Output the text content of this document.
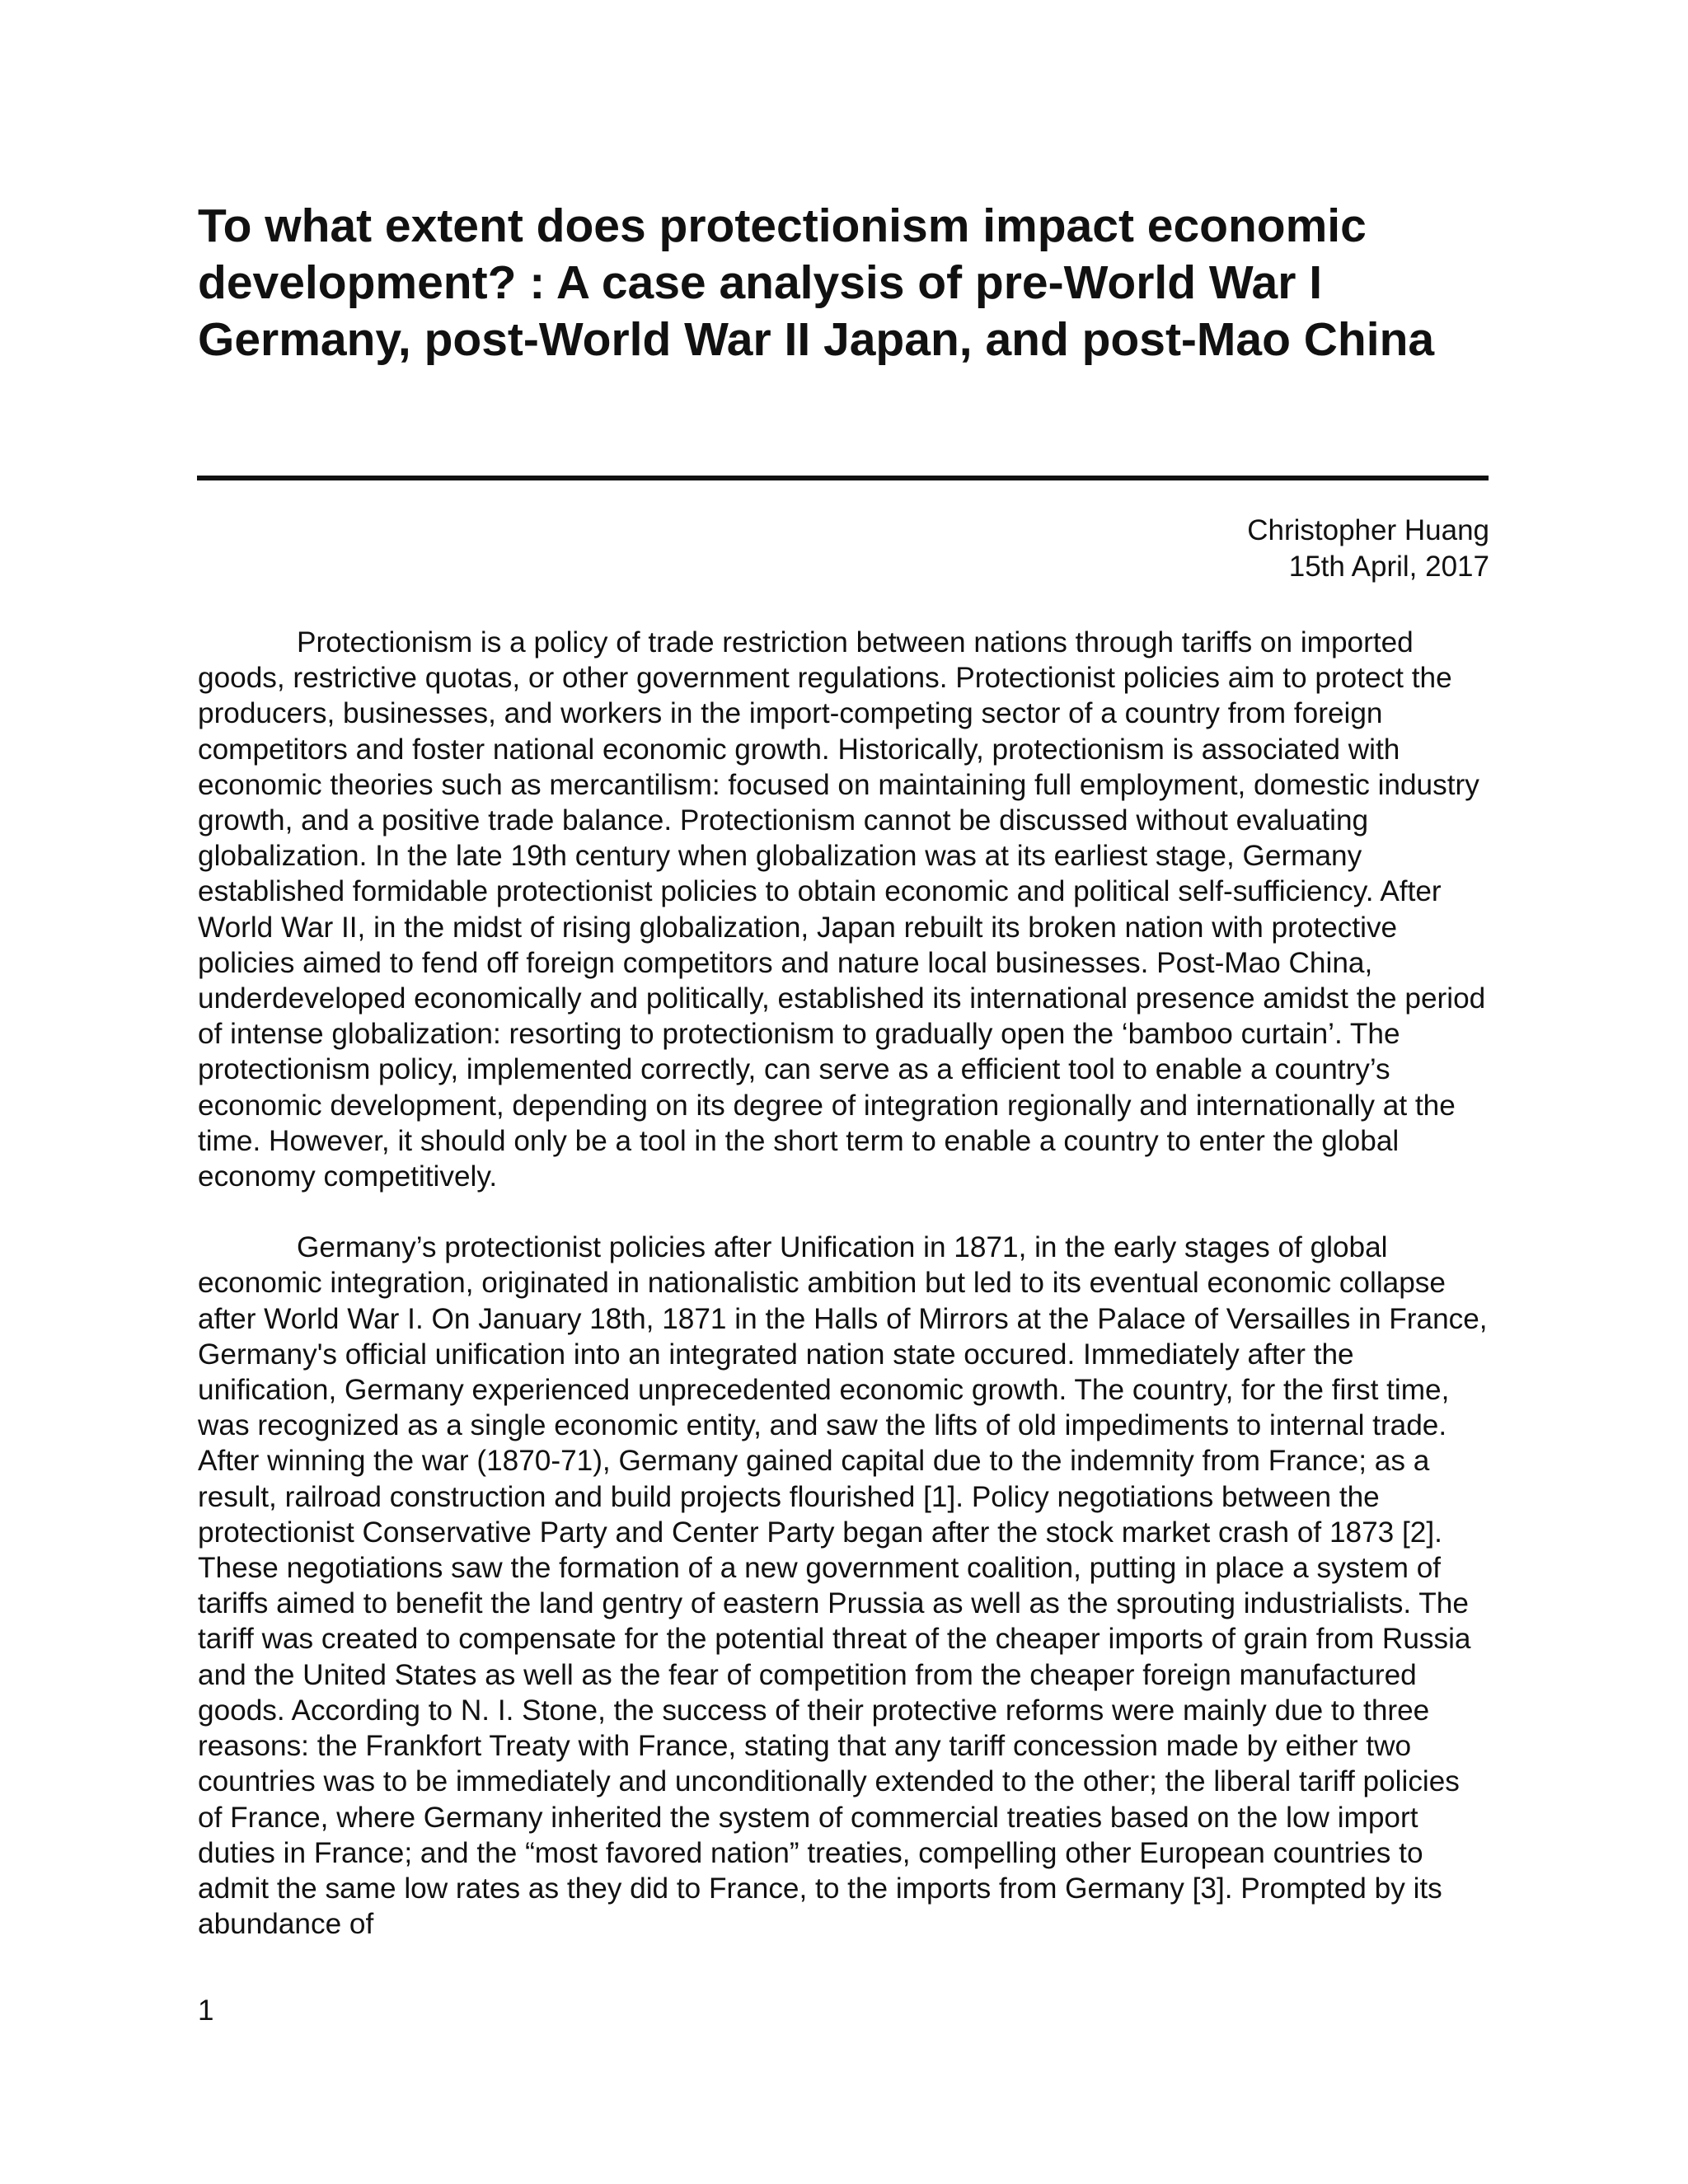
To what extent does protectionism impact economic development? : A case analysis of pre-World War I Germany, post-World War II Japan, and post-Mao China
Christopher Huang
15th April, 2017

Protectionism is a policy of trade restriction between nations through tariffs on imported goods, restrictive quotas, or other government regulations. Protectionist policies aim to protect the producers, businesses, and workers in the import-competing sector of a country from foreign competitors and foster national economic growth. Historically, protectionism is associated with economic theories such as mercantilism: focused on maintaining full employment, domestic industry growth, and a positive trade balance. Protectionism cannot be discussed without evaluating globalization. In the late 19th century when globalization was at its earliest stage, Germany established formidable protectionist policies to obtain economic and political self-sufficiency. After World War II, in the midst of rising globalization, Japan rebuilt its broken nation with protective policies aimed to fend off foreign competitors and nature local businesses. Post-Mao China, underdeveloped economically and politically, established its international presence amidst the period of intense globalization: resorting to protectionism to gradually open the ‘bamboo curtain’. The protectionism policy, implemented correctly, can serve as a efficient tool to enable a country’s economic development, depending on its degree of integration regionally and internationally at the time. However, it should only be a tool in the short term to enable a country to enter the global economy competitively.

Germany’s protectionist policies after Unification in 1871, in the early stages of global economic integration, originated in nationalistic ambition but led to its eventual economic collapse after World War I. On January 18th, 1871 in the Halls of Mirrors at the Palace of Versailles in France, Germany's official unification into an integrated nation state occured. Immediately after the unification, Germany experienced unprecedented economic growth. The country, for the first time, was recognized as a single economic entity, and saw the lifts of old impediments to internal trade. After winning the war (1870-71), Germany gained capital due to the indemnity from France; as a result, railroad construction and build projects flourished [1]. Policy negotiations between the protectionist Conservative Party and Center Party began after the stock market crash of 1873 [2]. These negotiations saw the formation of a new government coalition, putting in place a system of tariffs aimed to benefit the land gentry of eastern Prussia as well as the sprouting industrialists. The tariff was created to compensate for the potential threat of the cheaper imports of grain from Russia and the United States as well as the fear of competition from the cheaper foreign manufactured goods. According to N. I. Stone, the success of their protective reforms were mainly due to three reasons: the Frankfort Treaty with France, stating that any tariff concession made by either two countries was to be immediately and unconditionally extended to the other; the liberal tariff policies of France, where Germany inherited the system of commercial treaties based on the low import duties in France; and the “most favored nation” treaties, compelling other European countries to admit the same low rates as they did to France, to the imports from Germany [3]. Prompted by its abundance of

1
